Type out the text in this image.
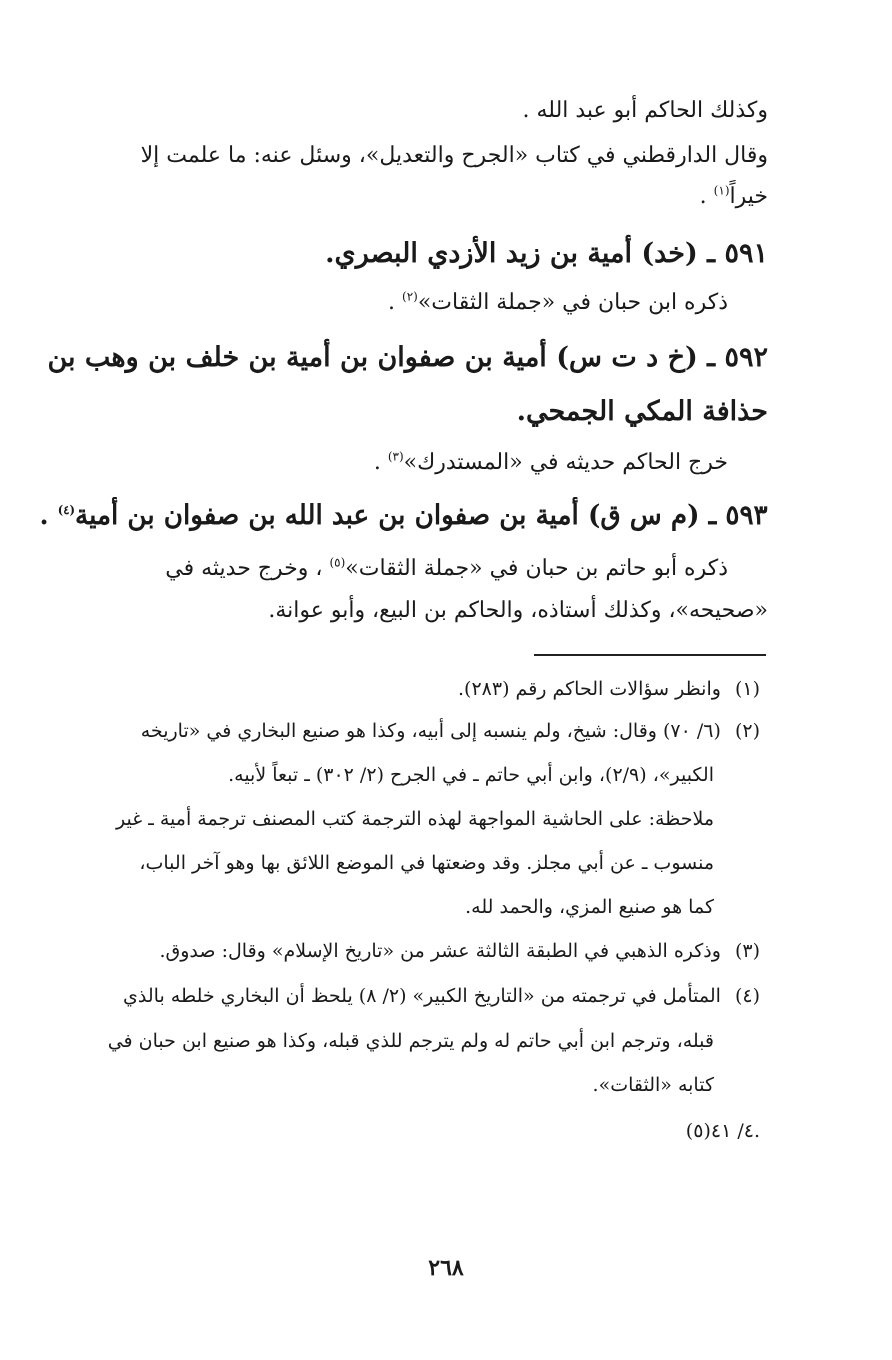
وكذلك الحاكم أبو عبد الله .
وقال الدارقطني في كتاب «الجرح والتعديل»، وسئل عنه: ما علمت إلا
خيراً$^{(١)}$ .
٥٩١ ـ (خد) أمية بن زيد الأزدي البصري.
ذكره ابن حبان في «جملة الثقات»$^{(٢)}$ .
٥٩٢ ـ (خ د ت س) أمية بن صفوان بن أمية بن خلف بن وهب بن
حذافة المكي الجمحي.
خرج الحاكم حديثه في «المستدرك»$^{(٣)}$ .
٥٩٣ ـ (م س ق) أمية بن صفوان بن عبد الله بن صفوان بن أمية$^{(٤)}$ .
ذكره أبو حاتم بن حبان في «جملة الثقات»$^{(٥)}$ ، وخرج حديثه في
«صحيحه»، وكذلك أستاذه، والحاكم بن البيع، وأبو عوانة.
(١)وانظر سؤالات الحاكم رقم (٢٨٣).
(٢)(٦/ ٧٠) وقال: شيخ، ولم ينسبه إلى أبيه، وكذا هو صنيع البخاري في «تاريخه
الكبير»، (٢/٩)، وابن أبي حاتم ـ في الجرح (٢/ ٣٠٢) ـ تبعاً لأبيه.
ملاحظة: على الحاشية المواجهة لهذه الترجمة كتب المصنف ترجمة أمية ـ غير
منسوب ـ عن أبي مجلز. وقد وضعتها في الموضع اللائق بها وهو آخر الباب،
كما هو صنيع المزي، والحمد لله.
(٣)وذكره الذهبي في الطبقة الثالثة عشر من «تاريخ الإسلام» وقال: صدوق.
(٤)المتأمل في ترجمته من «التاريخ الكبير» (٢/ ٨) يلحظ أن البخاري خلطه بالذي
قبله، وترجم ابن أبي حاتم له ولم يترجم للذي قبله، وكذا هو صنيع ابن حبان في
كتابه «الثقات».
(٥)٤/ ٤١.
٢٦٨
